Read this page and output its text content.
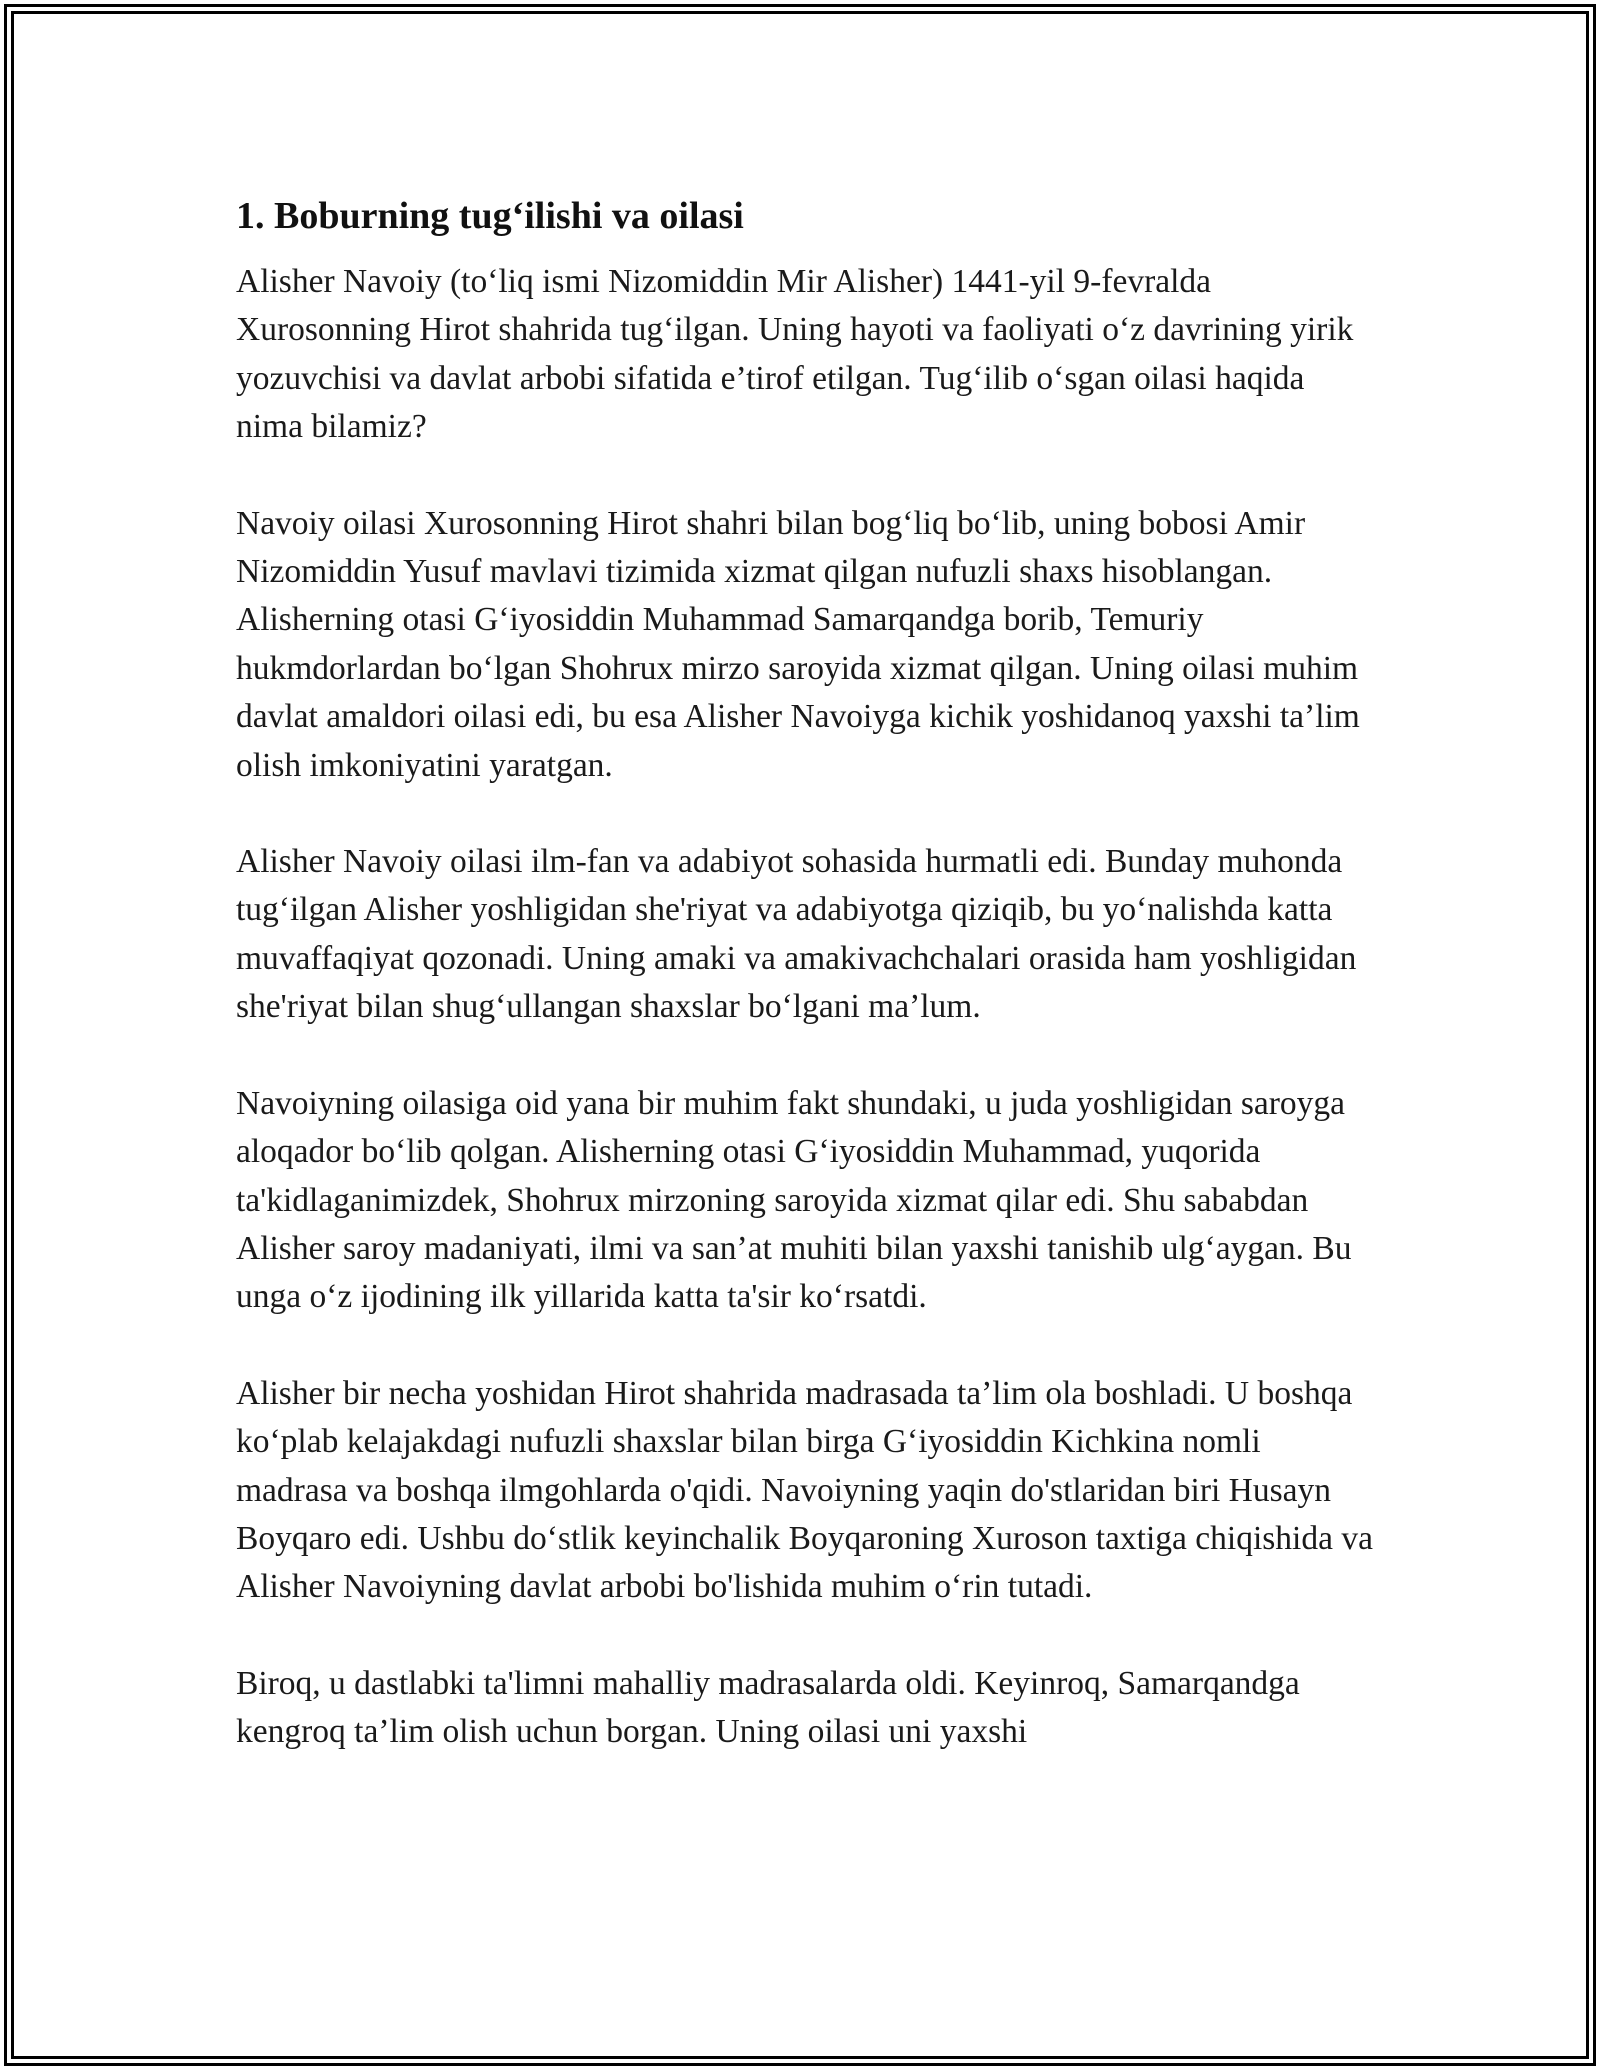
1. Boburning tug‘ilishi va oilasi

Alisher Navoiy (to‘liq ismi Nizomiddin Mir Alisher) 1441-yil 9-fevralda Xurosonning Hirot shahrida tug‘ilgan. Uning hayoti va faoliyati o‘z davrining yirik yozuvchisi va davlat arbobi sifatida e’tirof etilgan. Tug‘ilib o‘sgan oilasi haqida nima bilamiz?

Navoiy oilasi Xurosonning Hirot shahri bilan bog‘liq bo‘lib, uning bobosi Amir Nizomiddin Yusuf mavlavi tizimida xizmat qilgan nufuzli shaxs hisoblangan. Alisherning otasi G‘iyosiddin Muhammad Samarqandga borib, Temuriy hukmdorlardan bo‘lgan Shohrux mirzo saroyida xizmat qilgan. Uning oilasi muhim davlat amaldori oilasi edi, bu esa Alisher Navoiyga kichik yoshidanoq yaxshi ta’lim olish imkoniyatini yaratgan.

Alisher Navoiy oilasi ilm-fan va adabiyot sohasida hurmatli edi. Bunday muhonda tug‘ilgan Alisher yoshligidan she'riyat va adabiyotga qiziqib, bu yo‘nalishda katta muvaffaqiyat qozonadi. Uning amaki va amakivachchalari orasida ham yoshligidan she'riyat bilan shug‘ullangan shaxslar bo‘lgani ma’lum.

Navoiyning oilasiga oid yana bir muhim fakt shundaki, u juda yoshligidan saroyga aloqador bo‘lib qolgan. Alisherning otasi G‘iyosiddin Muhammad, yuqorida ta'kidlaganimizdek, Shohrux mirzoning saroyida xizmat qilar edi. Shu sababdan Alisher saroy madaniyati, ilmi va san’at muhiti bilan yaxshi tanishib ulg‘aygan. Bu unga o‘z ijodining ilk yillarida katta ta'sir ko‘rsatdi.

Alisher bir necha yoshidan Hirot shahrida madrasada ta’lim ola boshladi. U boshqa ko‘plab kelajakdagi nufuzli shaxslar bilan birga G‘iyosiddin Kichkina nomli madrasa va boshqa ilmgohlarda o'qidi. Navoiyning yaqin do'stlaridan biri Husayn Boyqaro edi. Ushbu do‘stlik keyinchalik Boyqaroning Xuroson taxtiga chiqishida va Alisher Navoiyning davlat arbobi bo'lishida muhim o‘rin tutadi.

Biroq, u dastlabki ta'limni mahalliy madrasalarda oldi. Keyinroq, Samarqandga kengroq ta’lim olish uchun borgan. Uning oilasi uni yaxshi
